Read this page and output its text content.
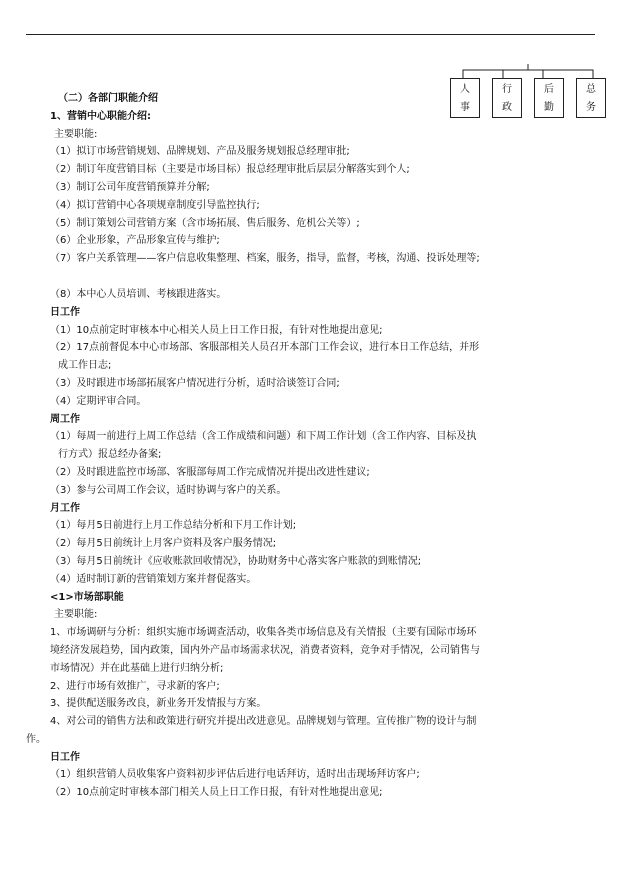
人
事
行
政
后
勤
总
务
（二）各部门职能介绍
1、营销中心职能介绍:
主要职能:
（1）拟订市场营销规划、品牌规划、产品及服务规划报总经理审批;
（2）制订年度营销目标（主要是市场目标）报总经理审批后层层分解落实到个人;
（3）制订公司年度营销预算并分解;
（4）拟订营销中心各项规章制度引导监控执行;
（5）制订策划公司营销方案（含市场拓展、售后服务、危机公关等）;
（6）企业形象，产品形象宣传与维护;
（7）客户关系管理——客户信息收集整理、档案，服务，指导，监督，考核，沟通、投诉处理等;
（8）本中心人员培训、考核跟进落实。
日工作
（1）10点前定时审核本中心相关人员上日工作日报，有针对性地提出意见;
（2）17点前督促本中心市场部、客服部相关人员召开本部门工作会议，进行本日工作总结，并形
成工作日志;
（3）及时跟进市场部拓展客户情况进行分析，适时洽谈签订合同;
（4）定期评审合同。
周工作
（1）每周一前进行上周工作总结（含工作成绩和问题）和下周工作计划（含工作内容、目标及执
行方式）报总经办备案;
（2）及时跟进监控市场部、客服部每周工作完成情况并提出改进性建议;
（3）参与公司周工作会议，适时协调与客户的关系。
月工作
（1）每月5日前进行上月工作总结分析和下月工作计划;
（2）每月5日前统计上月客户资料及客户服务情况;
（3）每月5日前统计《应收账款回收情况》，协助财务中心落实客户账款的到账情况;
（4）适时制订新的营销策划方案并督促落实。
<1>市场部职能
主要职能:
1、市场调研与分析：组织实施市场调查活动，收集各类市场信息及有关情报（主要有国际市场环
境经济发展趋势，国内政策，国内外产品市场需求状况，消费者资料，竞争对手情况，公司销售与
市场情况）并在此基础上进行归纳分析;
2、进行市场有效推广，寻求新的客户;
3、提供配送服务改良，新业务开发情报与方案。
4、对公司的销售方法和政策进行研究并提出改进意见。品牌规划与管理。宣传推广物的设计与制
作。
日工作
（1）组织营销人员收集客户资料初步评估后进行电话拜访，适时出击现场拜访客户;
（2）10点前定时审核本部门相关人员上日工作日报，有针对性地提出意见;
